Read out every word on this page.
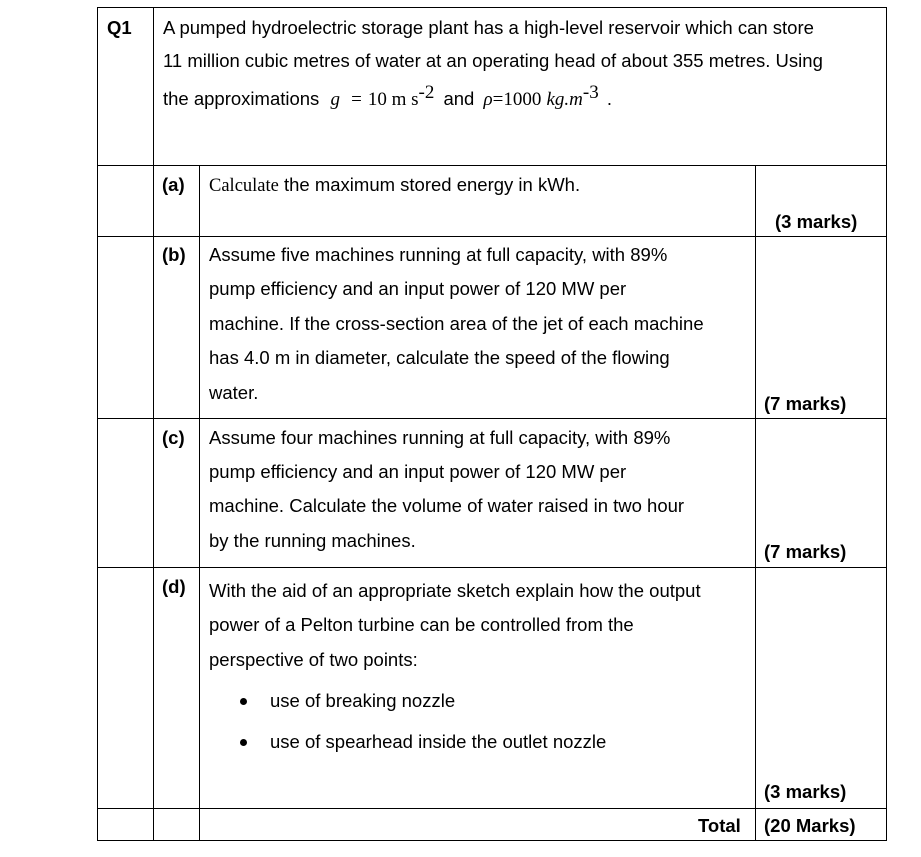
Q1 A pumped hydroelectric storage plant has a high-level reservoir which can store
11 million cubic metres of water at an operating head of about 355 metres. Using
the approximations g = 10 m $s^{-2}$ and ρ=1000 $kg.m^{-3}$ .
(a) Calculate the maximum stored energy in kWh.
(3 marks)
(b) Assume five machines running at full capacity, with 89%
pump efficiency and an input power of 120 MW per
machine. If the cross-section area of the jet of each machine
has 4.0 m in diameter, calculate the speed of the flowing
water.
(7 marks)
(c) Assume four machines running at full capacity, with 89%
pump efficiency and an input power of 120 MW per
machine. Calculate the volume of water raised in two hour
by the running machines.
(7 marks)
(d) With the aid of an appropriate sketch explain how the output
power of a Pelton turbine can be controlled from the
perspective of two points:
use of breaking nozzle
use of spearhead inside the outlet nozzle
(3 marks)
Total (20 Marks)
